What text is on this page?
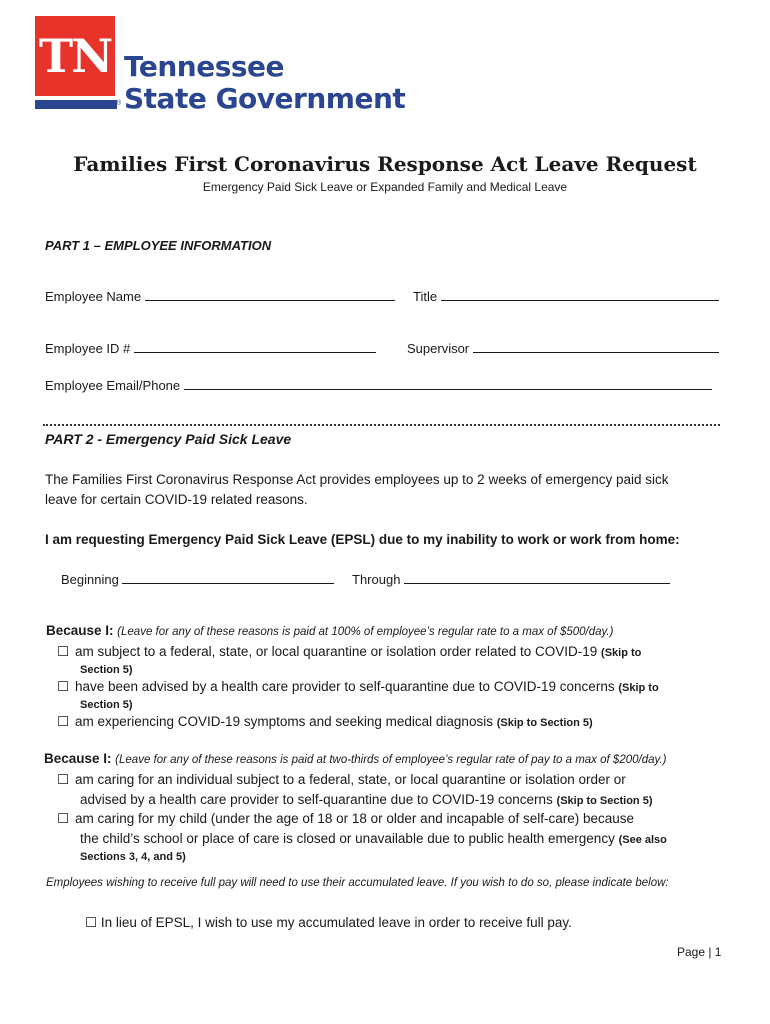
TN
®
Tennessee
State Government
Families First Coronavirus Response Act Leave Request
Emergency Paid Sick Leave or Expanded Family and Medical Leave
PART 1 – EMPLOYEE INFORMATION
Employee Name	Title
Employee ID #	Supervisor
Employee Email/Phone
PART 2 - Emergency Paid Sick Leave
The Families First Coronavirus Response Act provides employees up to 2 weeks of emergency paid sick
leave for certain COVID-19 related reasons.
I am requesting Emergency Paid Sick Leave (EPSL) due to my inability to work or work from home:
Beginning	Through
Because I: (Leave for any of these reasons is paid at 100% of employee’s regular rate to a max of $500/day.)
☐ am subject to a federal, state, or local quarantine or isolation order related to COVID-19 (Skip to
Section 5)
☐ have been advised by a health care provider to self-quarantine due to COVID-19 concerns (Skip to
Section 5)
☐ am experiencing COVID-19 symptoms and seeking medical diagnosis (Skip to Section 5)
Because I: (Leave for any of these reasons is paid at two-thirds of employee’s regular rate of pay to a max of $200/day.)
☐ am caring for an individual subject to a federal, state, or local quarantine or isolation order or
advised by a health care provider to self-quarantine due to COVID-19 concerns (Skip to Section 5)
☐ am caring for my child (under the age of 18 or 18 or older and incapable of self-care) because
the child’s school or place of care is closed or unavailable due to public health emergency (See also
Sections 3, 4, and 5)
Employees wishing to receive full pay will need to use their accumulated leave. If you wish to do so, please indicate below:
☐ In lieu of EPSL, I wish to use my accumulated leave in order to receive full pay.
Page | 1
